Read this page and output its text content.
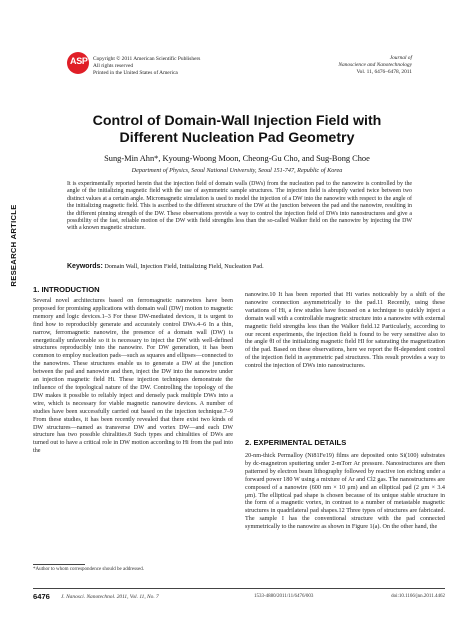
ASP Copyright © 2011 American Scientific Publishers
All rights reserved
Printed in the United States of America
Journal of
Nanoscience and Nanotechnology
Vol. 11, 6476–6478, 2011
RESEARCH ARTICLE
Control of Domain-Wall Injection Field with
Different Nucleation Pad Geometry
Sung-Min Ahn*, Kyoung-Woong Moon, Cheong-Gu Cho, and Sug-Bong Choe
Department of Physics, Seoul National University, Seoul 151-747, Republic of Korea
It is experimentally reported herein that the injection field of domain walls (DWs) from the nucleation pad to the nanowire is controlled by the angle of the initializing magnetic field with the use of asymmetric sample structures. The injection field is abruptly varied twice between two distinct values at a certain angle. Micromagnetic simulation is used to model the injection of a DW into the nanowire with respect to the angle of the initializing magnetic field. This is ascribed to the different structure of the DW at the junction between the pad and the nanowire, resulting in the different pinning strength of the DW. These observations provide a way to control the injection field of DWs into nanostructures and give a possibility of the fast, reliable motion of the DW with field strengths less than the so-called Walker field on the nanowire by injecting the DW with a known magnetic structure.
Keywords: Domain Wall, Injection Field, Initializing Field, Nucleation Pad.
1. INTRODUCTION
Several novel architectures based on ferromagnetic nanowires have been proposed for promising applications with domain wall (DW) motion to magnetic memory and logic devices.1–3 For these DW-mediated devices, it is urgent to find how to reproducibly generate and accurately control DWs.4–6 In a thin, narrow, ferromagnetic nanowire, the presence of a domain wall (DW) is energetically unfavorable so it is necessary to inject the DW with well-defined structures reproducibly into the nanowire. For DW generation, it has been common to employ nucleation pads—such as squares and ellipses—connected to the nanowires. These structures enable us to generate a DW at the junction between the pad and nanowire and then, inject the DW into the nanowire under an injection magnetic field Hi. These injection techniques demonstrate the influence of the topological nature of the DW. Controlling the topology of the DW makes it possible to reliably inject and densely pack multiple DWs into a wire, which is necessary for viable magnetic nanowire devices. A number of studies have been successfully carried out based on the injection technique.7–9 From these studies, it has been recently revealed that there exist two kinds of DW structures—named as transverse DW and vortex DW—and each DW structure has two possible chiralities.8 Such types and chiralities of DWs are turned out to have a critical role in DW motion according to Hi from the pad into the
nanowire.10 It has been reported that Hi varies noticeably by a shift of the nanowire connection asymmetrically to the pad.11 Recently, using these variations of Hi, a few studies have focused on a technique to quickly inject a domain wall with a controllable magnetic structure into a nanowire with external magnetic field strengths less than the Walker field.12 Particularly, according to our recent experiments, the injection field is found to be very sensitive also to the angle θI of the initializing magnetic field HI for saturating the magnetization of the pad. Based on these observations, here we report the θI-dependent control of the injection field in asymmetric pad structures. This result provides a way to control the injection of DWs into nanostructures.
2. EXPERIMENTAL DETAILS
20-nm-thick Permalloy (Ni81Fe19) films are deposited onto Si(100) substrates by dc-magnetron sputtering under 2-mTorr Ar pressure. Nanostructures are then patterned by electron beam lithography followed by reactive ion etching under a forward power 180 W using a mixture of Ar and Cl2 gas. The nanostructures are composed of a nanowire (600 nm × 10 μm) and an elliptical pad (2 μm × 3.4 μm). The elliptical pad shape is chosen because of its unique stable structure in the form of a magnetic vortex, in contrast to a number of metastable magnetic structures in quadrilateral pad shapes.12 Three types of structures are fabricated. The sample I has the conventional structure with the pad connected symmetrically to the nanowire as shown in Figure 1(a). On the other hand, the
*Author to whom correspondence should be addressed.
6476 J. Nanosci. Nanotechnol. 2011, Vol. 11, No. 7	1533-4880/2011/11/6476/003	doi:10.1166/jnn.2011.4462
